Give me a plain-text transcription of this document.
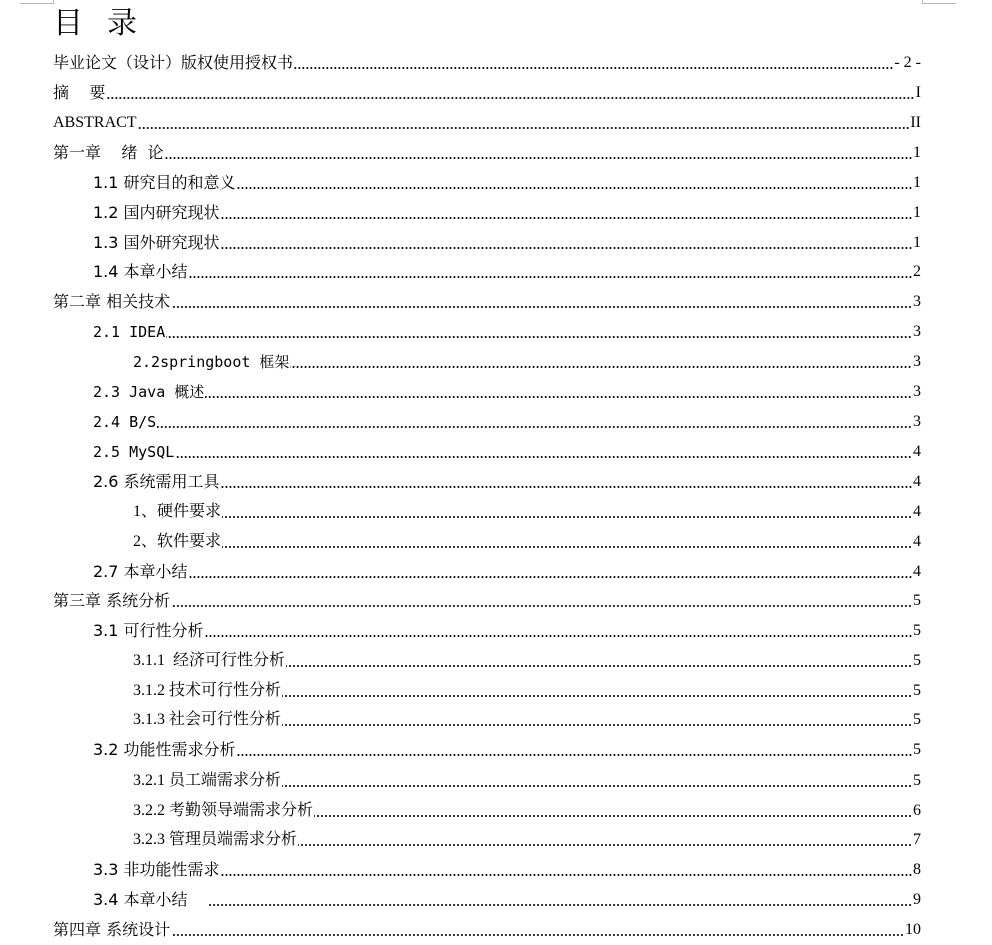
目 录
毕业论文（设计）版权使用授权书	- 2 -
摘    要	I
ABSTRACT	II
第一章    绪  论	1
1.1 研究目的和意义	1
1.2 国内研究现状	1
1.3 国外研究现状	1
1.4 本章小结	2
第二章 相关技术	3
2.1 IDEA	3
2.2springboot 框架	3
2.3 Java 概述	3
2.4 B/S	3
2.5 MySQL	4
2.6 系统需用工具	4
1、硬件要求	4
2、软件要求	4
2.7 本章小结	4
第三章 系统分析	5
3.1 可行性分析	5
3.1.1  经济可行性分析	5
3.1.2 技术可行性分析	5
3.1.3 社会可行性分析	5
3.2 功能性需求分析	5
3.2.1 员工端需求分析	5
3.2.2 考勤领导端需求分析	6
3.2.3 管理员端需求分析	7
3.3 非功能性需求	8
3.4 本章小结	9
第四章 系统设计	10
